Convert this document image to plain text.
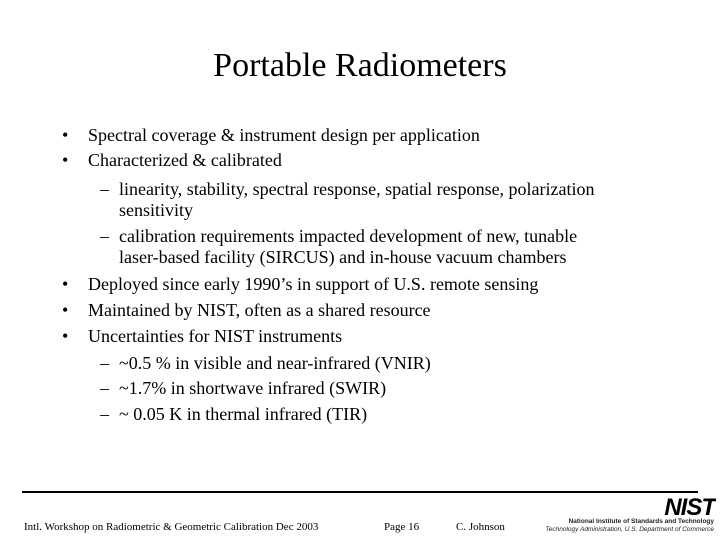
Portable Radiometers
• Spectral coverage & instrument design per application
• Characterized & calibrated
– linearity, stability, spectral response, spatial response, polarization
sensitivity
– calibration requirements impacted development of new, tunable
laser-based facility (SIRCUS) and in-house vacuum chambers
• Deployed since early 1990’s in support of U.S. remote sensing
• Maintained by NIST, often as a shared resource
• Uncertainties for NIST instruments
– ~0.5 % in visible and near-infrared (VNIR)
– ~1.7% in shortwave infrared (SWIR)
– ~ 0.05 K in thermal infrared (TIR)
Intl. Workshop on Radiometric & Geometric Calibration Dec 2003	Page 16	C. Johnson
NIST
National Institute of Standards and Technology
Technology Administration, U.S. Department of Commerce
